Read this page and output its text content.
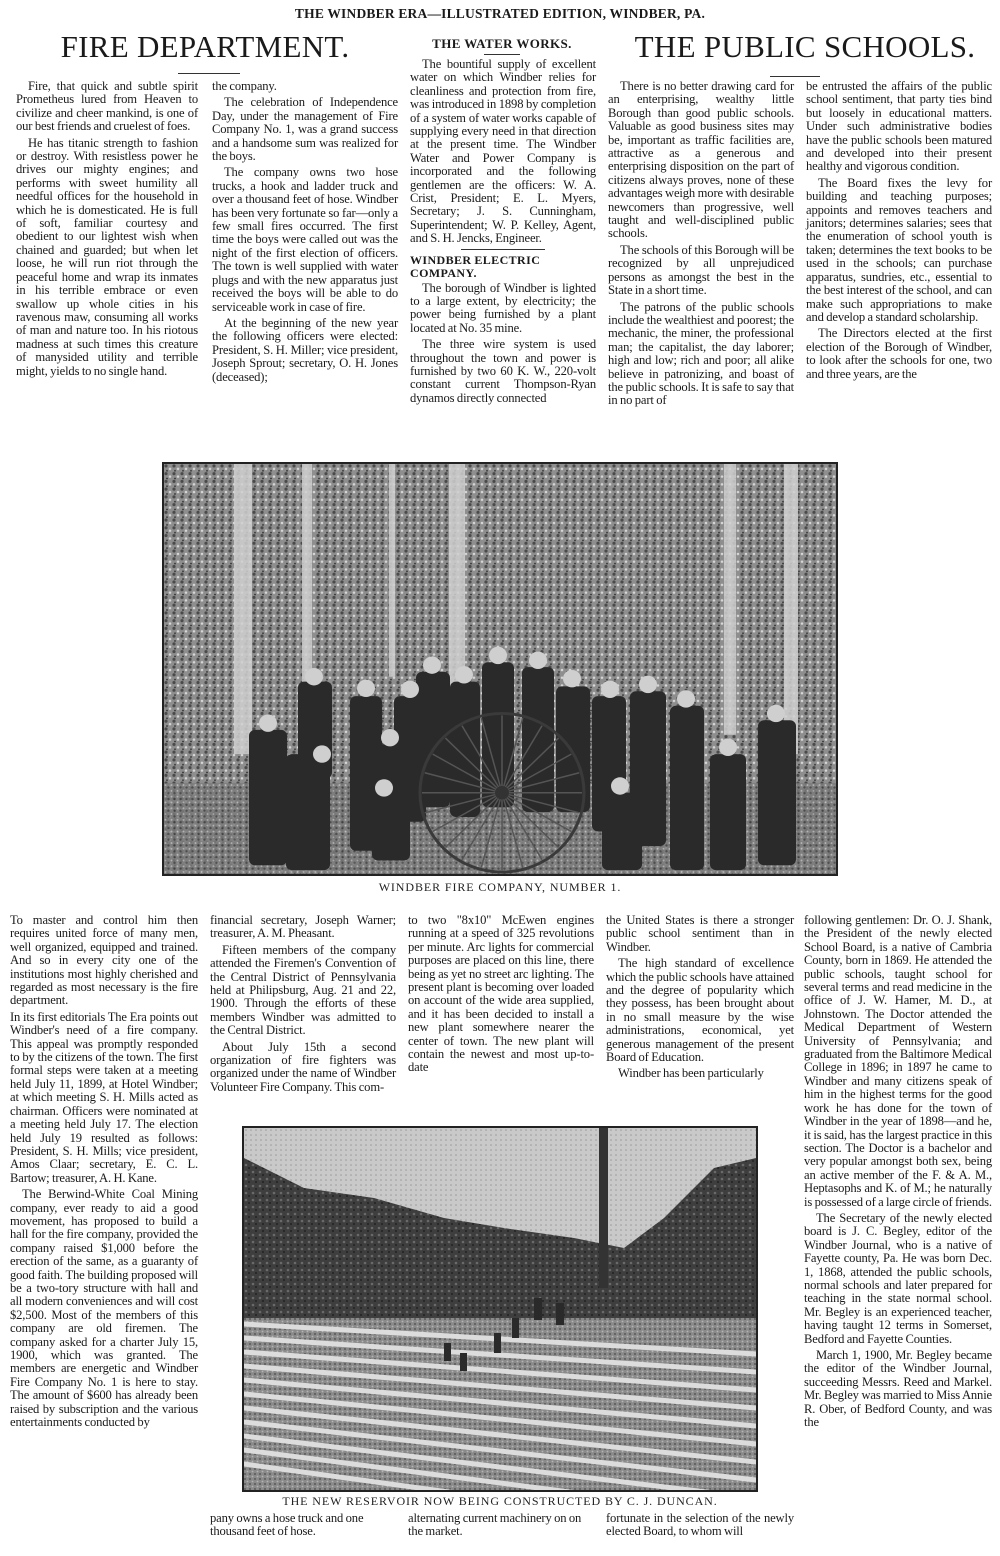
THE WINDBER ERA—ILLUSTRATED EDITION, WINDBER, PA.
FIRE DEPARTMENT.	THE WATER WORKS.	THE PUBLIC SCHOOLS.

Fire, that quick and subtle spirit Prometheus lured from Heaven to civilize and cheer mankind, is one of our best friends and cruelest of foes.

He has titanic strength to fashion or destroy. With resistless power he drives our mighty engines; and performs with sweet humility all needful offices for the household in which he is domesticated. He is full of soft, familiar courtesy and obedient to our lightest wish when chained and guarded; but when let loose, he will run riot through the peaceful home and wrap its inmates in his terrible embrace or even swallow up whole cities in his ravenous maw, consuming all works of man and nature too. In his riotous madness at such times this creature of manysided utility and terrible might, yields to no single hand.

the company.

The celebration of Independence Day, under the management of Fire Company No. 1, was a grand success and a handsome sum was realized for the boys.

The company owns two hose trucks, a hook and ladder truck and over a thousand feet of hose. Windber has been very fortunate so far—only a few small fires occurred. The first time the boys were called out was the night of the first election of officers. The town is well supplied with water plugs and with the new apparatus just received the boys will be able to do serviceable work in case of fire.

At the beginning of the new year the following officers were elected: President, S. H. Miller; vice president, Joseph Sprout; secretary, O. H. Jones (deceased);

The bountiful supply of excellent water on which Windber relies for cleanliness and protection from fire, was introduced in 1898 by completion of a system of water works capable of supplying every need in that direction at the present time. The Windber Water and Power Company is incorporated and the following gentlemen are the officers: W. A. Crist, President; E. L. Myers, Secretary; J. S. Cunningham, Superintendent; W. P. Kelley, Agent, and S. H. Jencks, Engineer.

WINDBER ELECTRIC COMPANY.

The borough of Windber is lighted to a large extent, by electricity; the power being furnished by a plant located at No. 35 mine.

The three wire system is used throughout the town and power is furnished by two 60 K. W., 220-volt constant current Thompson-Ryan dynamos directly connected

There is no better drawing card for an enterprising, wealthy little Borough than good public schools. Valuable as good business sites may be, important as traffic facilities are, attractive as a generous and enterprising disposition on the part of citizens always proves, none of these advantages weigh more with desirable newcomers than progressive, well taught and well-disciplined public schools.

The schools of this Borough will be recognized by all unprejudiced persons as amongst the best in the State in a short time.

The patrons of the public schools include the wealthiest and poorest; the mechanic, the miner, the professional man; the capitalist, the day laborer; high and low; rich and poor; all alike believe in patronizing, and boast of the public schools. It is safe to say that in no part of

be entrusted the affairs of the public school sentiment, that party ties bind but loosely in educational matters. Under such administrative bodies have the public schools been matured and developed into their present healthy and vigorous condition.

The Board fixes the levy for building and teaching purposes; appoints and removes teachers and janitors; determines salaries; sees that the enumeration of school youth is taken; determines the text books to be used in the schools; can purchase apparatus, sundries, etc., essential to the best interest of the school, and can make such appropriations to make and develop a standard scholarship.

The Directors elected at the first election of the Borough of Windber, to look after the schools for one, two and three years, are the

WINDBER FIRE COMPANY, NUMBER 1.

To master and control him then requires united force of many men, well organized, equipped and trained. And so in every city one of the institutions most highly cherished and regarded as most necessary is the fire department.

In its first editorials The Era points out Windber's need of a fire company. This appeal was promptly responded to by the citizens of the town. The first formal steps were taken at a meeting held July 11, 1899, at Hotel Windber; at which meeting S. H. Mills acted as chairman. Officers were nominated at a meeting held July 17. The election held July 19 resulted as follows: President, S. H. Mills; vice president, Amos Claar; secretary, E. C. L. Bartow; treasurer, A. H. Kane.

The Berwind-White Coal Mining company, ever ready to aid a good movement, has proposed to build a hall for the fire company, provided the company raised $1,000 before the erection of the same, as a guaranty of good faith. The building proposed will be a two-tory structure with hall and all modern conveniences and will cost $2,500. Most of the members of this company are old firemen. The company asked for a charter July 15, 1900, which was granted. The members are energetic and Windber Fire Company No. 1 is here to stay. The amount of $600 has already been raised by subscription and the various entertainments conducted by

financial secretary, Joseph Warner; treasurer, A. M. Pheasant.

Fifteen members of the company attended the Firemen's Convention of the Central District of Pennsylvania held at Philipsburg, Aug. 21 and 22, 1900. Through the efforts of these members Windber was admitted to the Central District.

About July 15th a second organization of fire fighters was organized under the name of Windber Volunteer Fire Company. This com-

to two "8x10" McEwen engines running at a speed of 325 revolutions per minute. Arc lights for commercial purposes are placed on this line, there being as yet no street arc lighting. The present plant is becoming over loaded on account of the wide area supplied, and it has been decided to install a new plant somewhere nearer the center of town. The new plant will contain the newest and most up-to-date

the United States is there a stronger public school sentiment than in Windber.

The high standard of excellence which the public schools have attained and the degree of popularity which they possess, has been brought about in no small measure by the wise administrations, economical, yet generous management of the present Board of Education.

Windber has been particularly

following gentlemen: Dr. O. J. Shank, the President of the newly elected School Board, is a native of Cambria County, born in 1869. He attended the public schools, taught school for several terms and read medicine in the office of J. W. Hamer, M. D., at Johnstown. The Doctor attended the Medical Department of Western University of Pennsylvania; and graduated from the Baltimore Medical College in 1896; in 1897 he came to Windber and many citizens speak of him in the highest terms for the good work he has done for the town of Windber in the year of 1898—and he, it is said, has the largest practice in this section. The Doctor is a bachelor and very popular amongst both sex, being an active member of the F. & A. M., Heptasophs and K. of M.; he naturally is possessed of a large circle of friends.

The Secretary of the newly elected board is J. C. Begley, editor of the Windber Journal, who is a native of Fayette county, Pa. He was born Dec. 1, 1868, attended the public schools, normal schools and later prepared for teaching in the state normal school. Mr. Begley is an experienced teacher, having taught 12 terms in Somerset, Bedford and Fayette Counties.

March 1, 1900, Mr. Begley became the editor of the Windber Journal, succeeding Messrs. Reed and Markel. Mr. Begley was married to Miss Annie R. Ober, of Bedford County, and was the

THE NEW RESERVOIR NOW BEING CONSTRUCTED BY C. J. DUNCAN.

pany owns a hose truck and one thousand feet of hose.

alternating current machinery on on the market.

fortunate in the selection of the newly elected Board, to whom will
